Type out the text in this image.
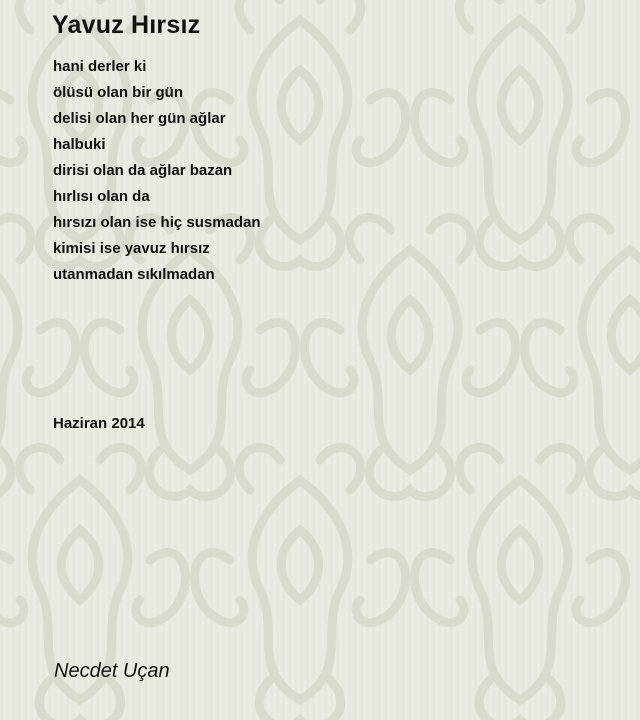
Yavuz Hırsız
hani derler ki
ölüsü olan bir gün
delisi olan her gün ağlar
halbuki
dirisi olan da ağlar bazan
hırlısı olan da
hırsızı olan ise hiç susmadan
kimisi ise yavuz hırsız
utanmadan sıkılmadan
Haziran 2014
Necdet Uçan
